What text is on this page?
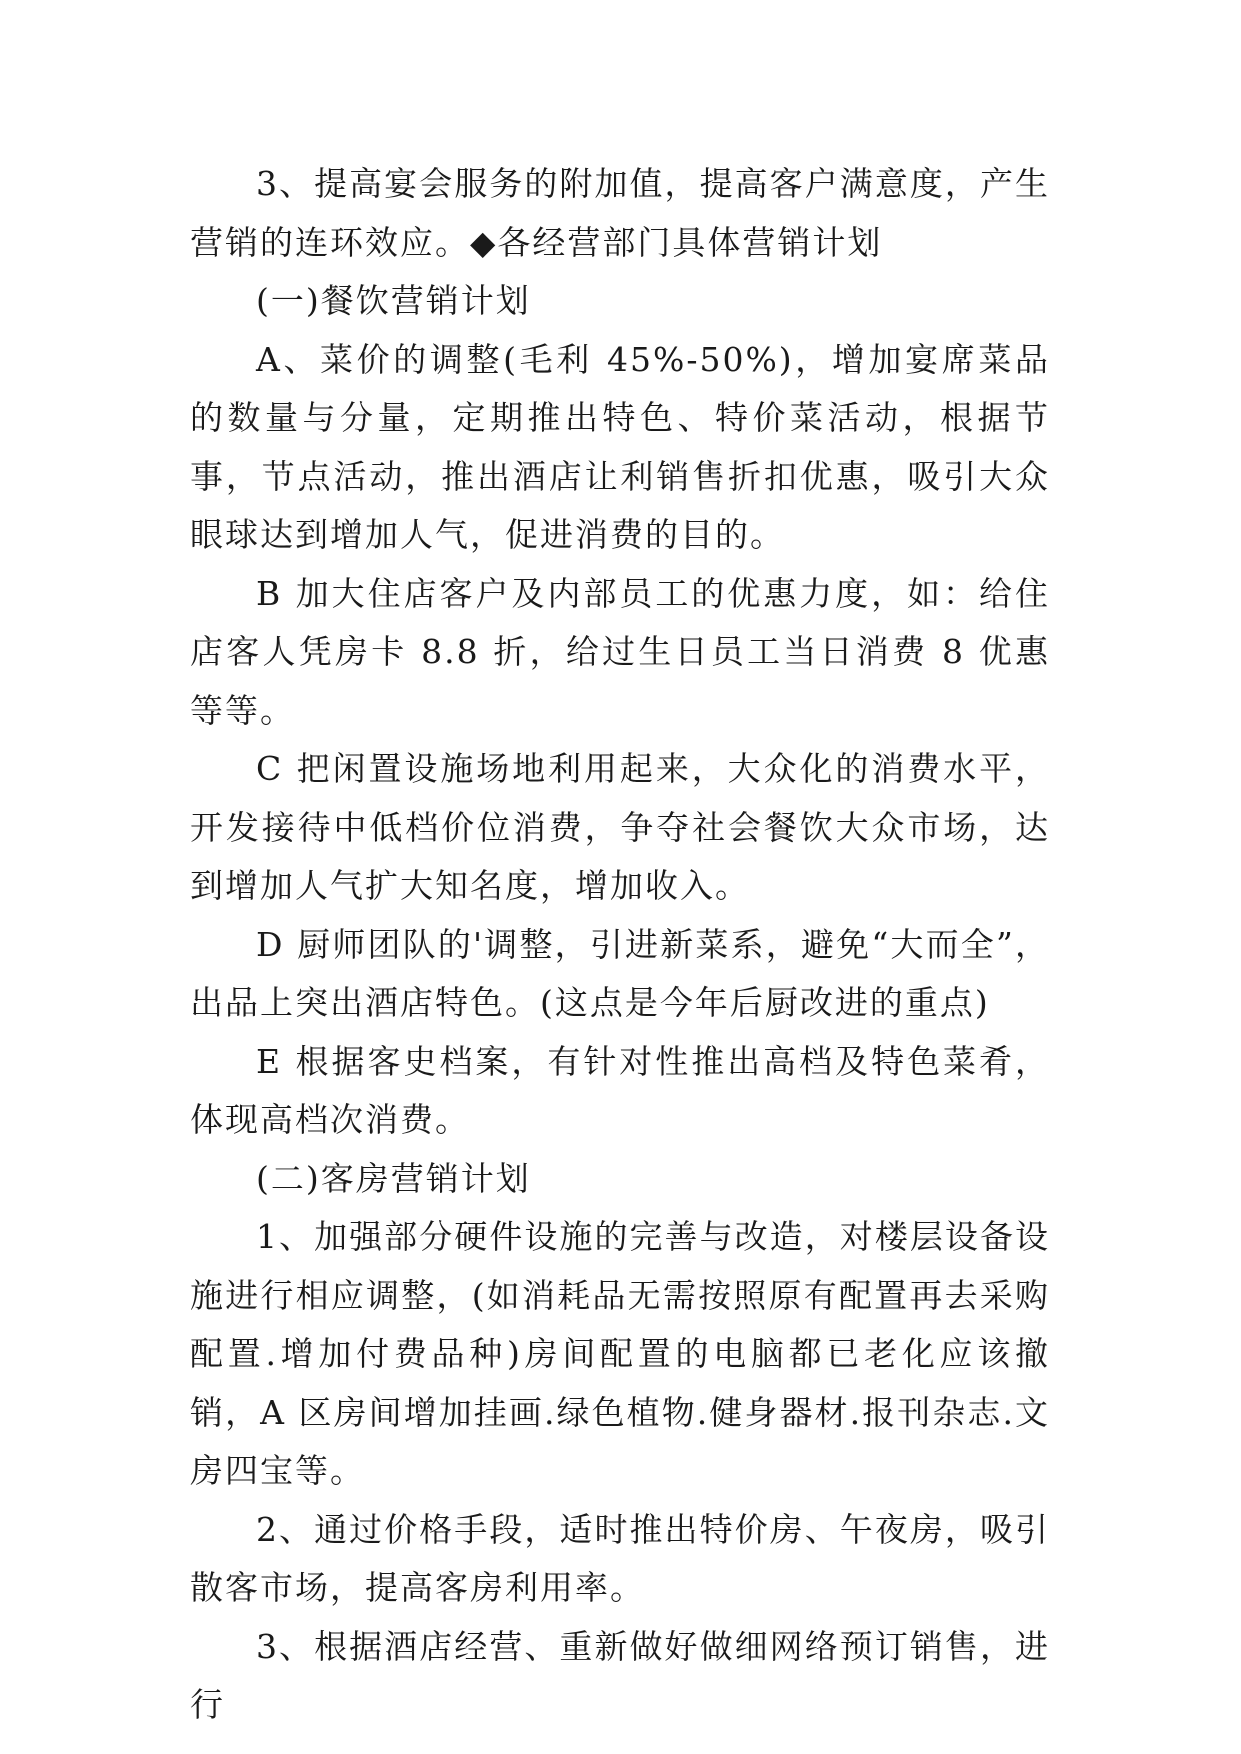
3、提高宴会服务的附加值，提高客户满意度，产生营销的连环效应。◆各经营部门具体营销计划

(一)餐饮营销计划

A、菜价的调整(毛利 45%-50%)，增加宴席菜品的数量与分量，定期推出特色、特价菜活动，根据节事，节点活动，推出酒店让利销售折扣优惠，吸引大众眼球达到增加人气，促进消费的目的。

B 加大住店客户及内部员工的优惠力度，如：给住店客人凭房卡 8.8 折，给过生日员工当日消费 8 优惠等等。

C 把闲置设施场地利用起来，大众化的消费水平，开发接待中低档价位消费，争夺社会餐饮大众市场，达到增加人气扩大知名度，增加收入。

D 厨师团队的'调整，引进新菜系，避免“大而全”，出品上突出酒店特色。(这点是今年后厨改进的重点)

E 根据客史档案，有针对性推出高档及特色菜肴，体现高档次消费。

(二)客房营销计划

1、加强部分硬件设施的完善与改造，对楼层设备设施进行相应调整，(如消耗品无需按照原有配置再去采购配置.增加付费品种)房间配置的电脑都已老化应该撤销，A 区房间增加挂画.绿色植物.健身器材.报刊杂志.文房四宝等。

2、通过价格手段，适时推出特价房、午夜房，吸引散客市场，提高客房利用率。

3、根据酒店经营、重新做好做细网络预订销售，进行
